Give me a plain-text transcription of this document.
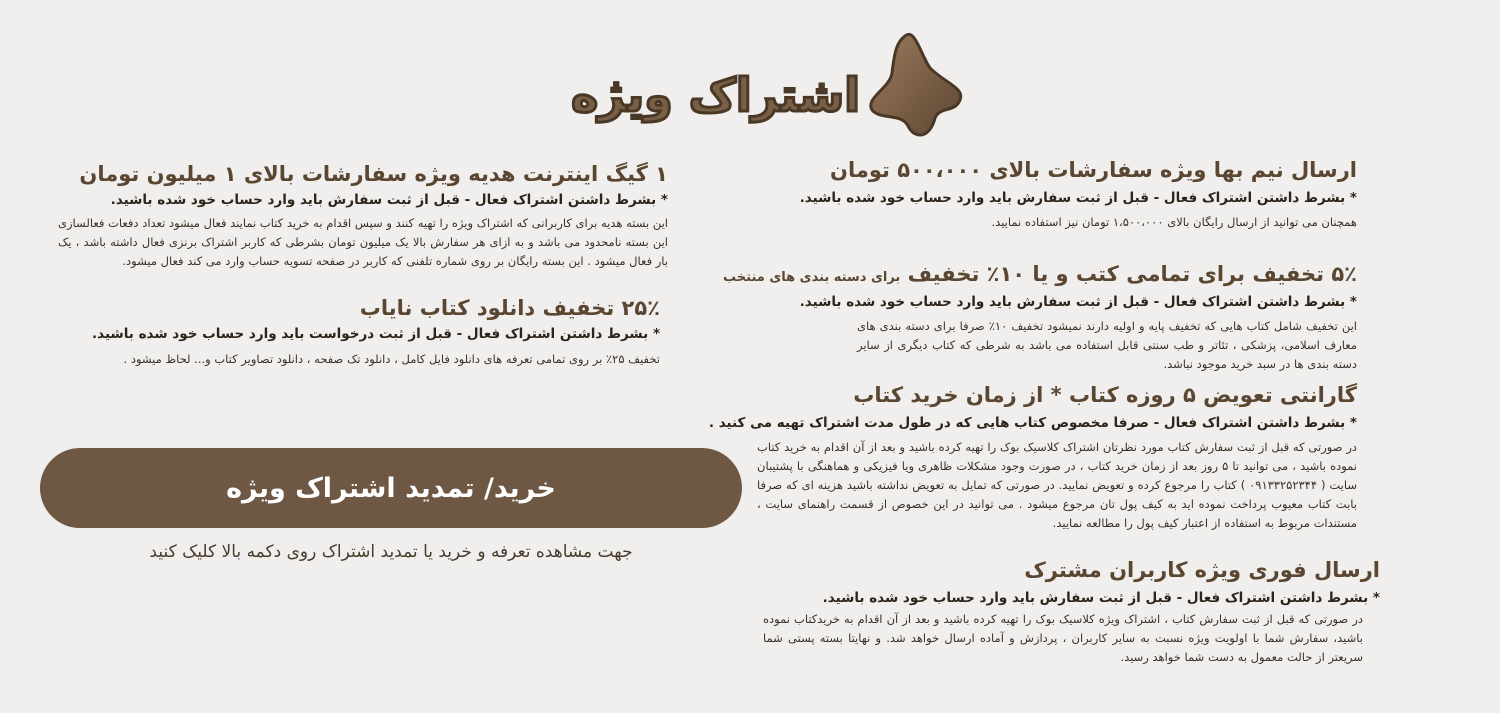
اشتراک ویژه
ارسال نیم بها ویژه سفارشات بالای ۵۰۰،۰۰۰ تومان
* بشرط داشتن اشتراک فعال - قبل از ثبت سفارش باید وارد حساب خود شده باشید.
همچنان می توانید از ارسال رایگان بالای ۱،۵۰۰،۰۰۰ تومان نیز استفاده نمایید.
۵٪ تخفیف برای تمامی کتب و یا ۱۰٪ تخفیف برای دسته بندی های منتخب
* بشرط داشتن اشتراک فعال - قبل از ثبت سفارش باید وارد حساب خود شده باشید.
این تخفیف شامل کتاب هایی که تخفیف پایه و اولیه دارند نمیشود تخفیف ۱۰٪ صرفا برای دسته بندی های معارف اسلامی، پزشکی ، تئاتر و طب سنتی قابل استفاده می باشد به شرطی که کتاب دیگری از سایر دسته بندی ها در سبد خرید موجود نباشد.
گارانتی تعویض ۵ روزه کتاب * از زمان خرید کتاب
* بشرط داشتن اشتراک فعال - صرفا مخصوص کتاب هایی که در طول مدت اشتراک تهیه می کنید .
در صورتی که قبل از ثبت سفارش کتاب مورد نظرتان اشتراک کلاسیک بوک را تهیه کرده باشید و بعد از آن اقدام به خرید کتاب نموده باشید ، می توانید تا ۵ روز بعد از زمان خرید کتاب ، در صورت وجود مشکلات ظاهری ویا فیزیکی و هماهنگی با پشتیبان سایت ( ۰۹۱۳۳۲۵۲۳۴۴ ) کتاب را مرجوع کرده و تعویض نمایید. در صورتی که تمایل به تعویض نداشته باشید هزینه ای که صرفا بابت کتاب معیوب پرداخت نموده اید به کیف پول تان مرجوع میشود . می توانید در این خصوص از قسمت راهنمای سایت ، مستندات مربوط به استفاده از اعتبار کیف پول را مطالعه نمایید.
ارسال فوری ویژه کاربران مشترک
* بشرط داشتن اشتراک فعال - قبل از ثبت سفارش باید وارد حساب خود شده باشید.
در صورتی که قبل از ثبت سفارش کتاب ، اشتراک ویژه کلاسیک بوک را تهیه کرده باشید و بعد از آن اقدام به خریدکتاب نموده باشید، سفارش شما با اولویت ویژه نسبت به سایر کاربران ، پردازش و آماده ارسال خواهد شد. و نهایتا بسته پستی شما سریعتر از حالت معمول به دست شما خواهد رسید.
۱ گیگ اینترنت هدیه ویژه سفارشات بالای ۱ میلیون تومان
* بشرط داشتن اشتراک فعال - قبل از ثبت سفارش باید وارد حساب خود شده باشید.
این بسته هدیه برای کاربرانی که اشتراک ویژه را تهیه کنند و سپس اقدام به خرید کتاب نمایند فعال میشود تعداد دفعات فعالسازی این بسته نامحدود می باشد و به ازای هر سفارش بالا یک میلیون تومان بشرطی که کاربر اشتراک برنزی فعال داشته باشد ، یک بار فعال میشود . این بسته رایگان بر روی شماره تلفنی که کاربر در صفحه تسویه حساب وارد می کند فعال میشود.
۲۵٪ تخفیف دانلود کتاب نایاب
* بشرط داشتن اشتراک فعال - قبل از ثبت درخواست باید وارد حساب خود شده باشید.
تخفیف ۲۵٪ بر روی تمامی تعرفه های دانلود فایل کامل ، دانلود تک صفحه ، دانلود تصاویر کتاب و... لحاظ میشود .
خرید/ تمدید اشتراک ویژه
جهت مشاهده تعرفه و خرید یا تمدید اشتراک روی دکمه بالا کلیک کنید
